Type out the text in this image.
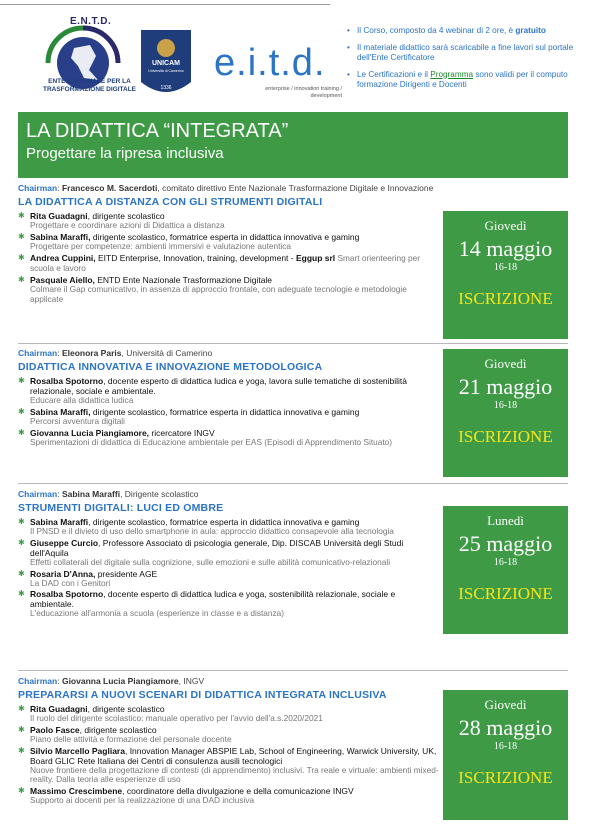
E.N.T.D.
ENTE NAZIONALE PER LA TRASFORMAZIONE DIGITALE
UNICAM
Università di Camerino
1336
e.i.t.d.
enterprise / innovation training / development
• Il Corso, composto da 4 webinar di 2 ore, è gratuito
• Il materiale didattico sarà scaricabile a fine lavori sul portale dell'Ente Certificatore
• Le Certificazioni e il Programma sono validi per il computo formazione Dirigenti e Docenti
LA DIDATTICA “INTEGRATA”
Progettare la ripresa inclusiva
Chairman: Francesco M. Sacerdoti, comitato direttivo Ente Nazionale Trasformazione Digitale e Innovazione
LA DIDATTICA A DISTANZA CON GLI STRUMENTI DIGITALI
✱ Rita Guadagni, dirigente scolastico
Progettare e coordinare azioni di Didattica a distanza
✱ Sabina Maraffi, dirigente scolastico, formatrice esperta in didattica innovativa e gaming
Progettare per competenze: ambienti immersivi e valutazione autentica
✱ Andrea Cuppini, EITD Enterprise, Innovation, training, development - Eggup srl Smart orienteering per scuola e lavoro
✱ Pasquale Aiello, ENTD Ente Nazionale Trasformazione Digitale
Colmare il Gap comunicativo, in assenza di approccio frontale, con adeguate tecnologie e metodologie applicate
Giovedì
14 maggio
16-18
ISCRIZIONE
Chairman: Eleonora Paris, Università di Camerino
DIDATTICA INNOVATIVA E INNOVAZIONE METODOLOGICA
✱ Rosalba Spotorno, docente esperto di didattica ludica e yoga, lavora sulle tematiche di sostenibilità relazionale, sociale e ambientale.
Educare alla didattica ludica
✱ Sabina Maraffi, dirigente scolastico, formatrice esperta in didattica innovativa e gaming
Percorsi avventura digitali
✱ Giovanna Lucia Piangiamore, ricercatore INGV
Sperimentazioni di didattica di Educazione ambientale per EAS (Episodi di Apprendimento Situato)
Giovedì
21 maggio
16-18
ISCRIZIONE
Chairman: Sabina Maraffi, Dirigente scolastico
STRUMENTI DIGITALI: LUCI ED OMBRE
✱ Sabina Maraffi, dirigente scolastico, formatrice esperta in didattica innovativa e gaming
Il PNSD e il divieto di uso dello smartphone in aula: approccio didattico consapevole alla tecnologia
✱ Giuseppe Curcio, Professore Associato di psicologia generale, Dip. DISCAB Università degli Studi dell'Aquila
Effetti collaterali del digitale sulla cognizione, sulle emozioni e sulle abilità comunicativo-relazionali
✱ Rosaria D'Anna, presidente AGE
La DAD con i Genitori
✱ Rosalba Spotorno, docente esperto di didattica ludica e yoga, sostenibilità relazionale, sociale e ambientale.
L'educazione all'armonia a scuola (esperienze in classe e a distanza)
Lunedì
25 maggio
16-18
ISCRIZIONE
Chairman: Giovanna Lucia Piangiamore, INGV
PREPARARSI A NUOVI SCENARI DI DIDATTICA INTEGRATA INCLUSIVA
✱ Rita Guadagni, dirigente scolastico
Il ruolo del dirigente scolastico: manuale operativo per l'avvio dell'a.s.2020/2021
✱ Paolo Fasce, dirigente scolastico
Piano delle attività e formazione del personale docente
✱ Silvio Marcello Pagliara, Innovation Manager ABSPIE Lab, School of Engineering, Warwick University, UK, Board GLIC Rete Italiana dei Centri di consulenza ausili tecnologici
Nuove frontiere della progettazione di contesti (di apprendimento) inclusivi. Tra reale e virtuale: ambienti mixed-reality. Dalla teoria alle esperienze di uso
✱ Massimo Crescimbene, coordinatore della divulgazione e della comunicazione INGV
Supporto ai docenti per la realizzazione di una DAD inclusiva
Giovedì
28 maggio
16-18
ISCRIZIONE
